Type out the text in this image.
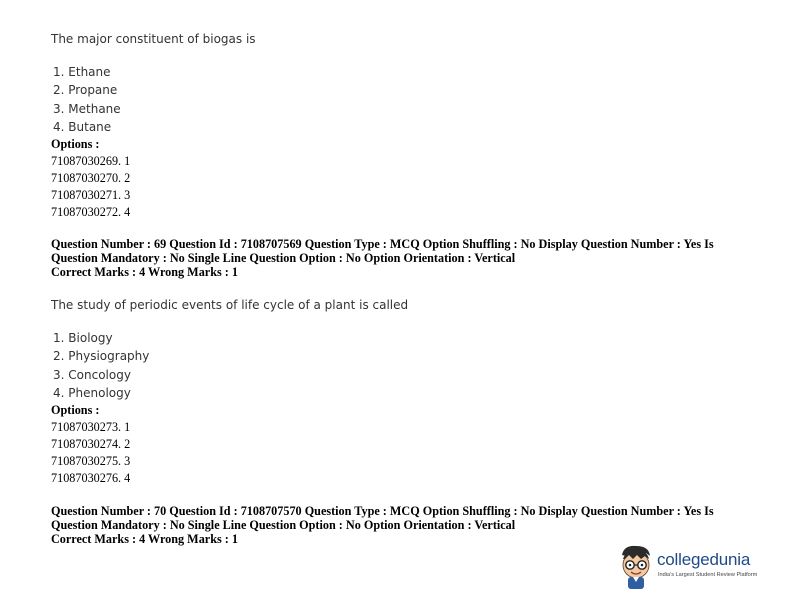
The major constituent of biogas is

1. Ethane
2. Propane
3. Methane
4. Butane

Options :

71087030269. 1
71087030270. 2
71087030271. 3
71087030272. 4

Question Number : 69 Question Id : 7108707569 Question Type : MCQ Option Shuffling : No Display Question Number : Yes Is

Question Mandatory : No Single Line Question Option : No Option Orientation : Vertical

Correct Marks : 4 Wrong Marks : 1

The study of periodic events of life cycle of a plant is called

1. Biology
2. Physiography
3. Concology
4. Phenology

Options :

71087030273. 1
71087030274. 2
71087030275. 3
71087030276. 4

Question Number : 70 Question Id : 7108707570 Question Type : MCQ Option Shuffling : No Display Question Number : Yes Is

Question Mandatory : No Single Line Question Option : No Option Orientation : Vertical

Correct Marks : 4 Wrong Marks : 1

collegedunia
India's Largest Student Review Platform
